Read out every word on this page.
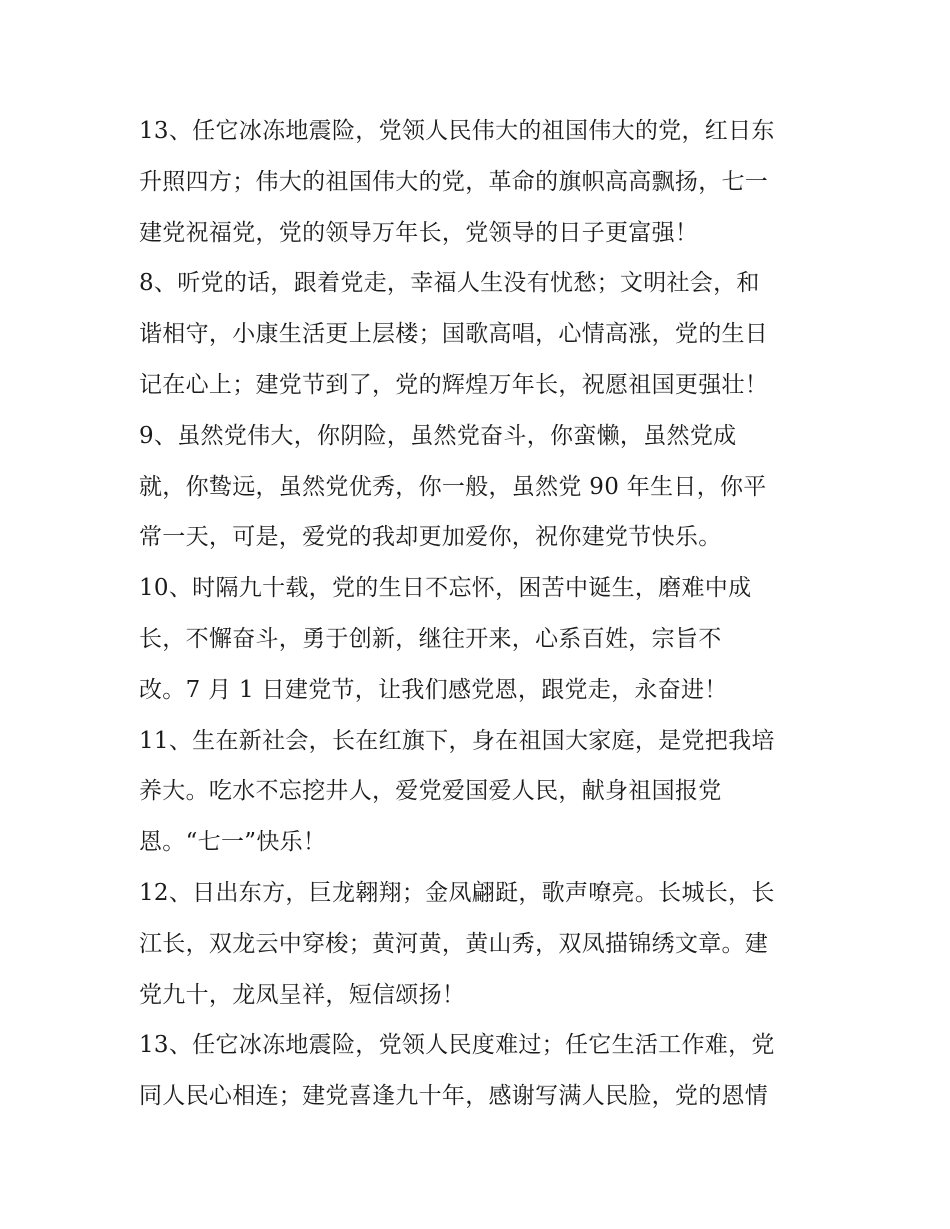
13、任它冰冻地震险，党领人民伟大的祖国伟大的党，红日东
升照四方；伟大的祖国伟大的党，革命的旗帜高高飘扬，七一
建党祝福党，党的领导万年长，党领导的日子更富强！
8、听党的话，跟着党走，幸福人生没有忧愁；文明社会，和
谐相守，小康生活更上层楼；国歌高唱，心情高涨，党的生日
记在心上；建党节到了，党的辉煌万年长，祝愿祖国更强壮！
9、虽然党伟大，你阴险，虽然党奋斗，你蛮懒，虽然党成
就，你鸷远，虽然党优秀，你一般，虽然党 90 年生日，你平
常一天，可是，爱党的我却更加爱你，祝你建党节快乐。
10、时隔九十载，党的生日不忘怀，困苦中诞生，磨难中成
长，不懈奋斗，勇于创新，继往开来，心系百姓，宗旨不
改。7 月 1 日建党节，让我们感党恩，跟党走，永奋进！
11、生在新社会，长在红旗下，身在祖国大家庭，是党把我培
养大。吃水不忘挖井人，爱党爱国爱人民，献身祖国报党
恩。“七一”快乐！
12、日出东方，巨龙翱翔；金凤翩跹，歌声嘹亮。长城长，长
江长，双龙云中穿梭；黄河黄，黄山秀，双凤描锦绣文章。建
党九十，龙凤呈祥，短信颂扬！
13、任它冰冻地震险，党领人民度难过；任它生活工作难，党
同人民心相连；建党喜逢九十年，感谢写满人民脸，党的恩情
